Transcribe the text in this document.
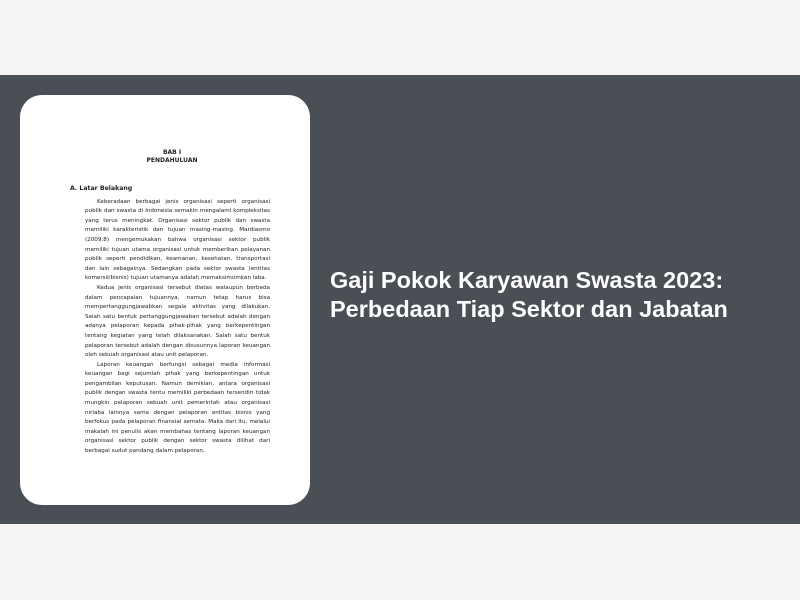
BAB I

PENDAHULUAN

A. Latar Belakang

Keberadaan berbagai jenis organisasi seperti organisasi publik dan swasta di Indonesia semakin mengalami kompleksitas yang terus meningkat. Organisasi sektor publik dan swasta memiliki karakteristik dan tujuan masing-masing. Mardiasmo (2009:8) mengemukakan bahwa organisasi sektor publik memiliki tujuan utama organisasi untuk memberikan pelayanan publik seperti pendidikan, keamanan, kesehatan, transportasi dan lain sebagainya. Sedangkan pada sektor swasta (entitas komersil/bisnis) tujuan utamanya adalah memaksimumkan laba.

Kedua jenis organisasi tersebut diatas walaupun berbeda dalam pencapaian tujuannya, namun tetap harus bisa mempertanggungjawabkan segala aktivitas yang dilakukan. Salah satu bentuk pertanggungjawaban tersebut adalah dengan adanya pelaporan kepada pihak-pihak yang berkepentingan tentang kegiatan yang telah dilaksanakan. Salah satu bentuk pelaporan tersebut adalah dengan disusunnya laporan keuangan oleh sebuah organisasi atau unit pelaporan.

Laporan keuangan berfungsi sebagai media informasi keuangan bagi sejumlah pihak yang berkepentingan untuk pengambilan keputusan. Namun demikian, antara organisasi publik dengan swasta tentu memiliki perbedaan tersendiri tidak mungkin pelaporan sebuah unit pemerintah atau organisasi nirlaba lainnya sama dengan pelaporan entitas bisnis yang berfokus pada pelaporan finansial semata. Maka dari itu, melalui makalah ini penulis akan membahas tentang laporan keuangan organisasi sektor publik dengan sektor swasta dilihat dari berbagai sudut pandang dalam pelaporan.

Gaji Pokok Karyawan Swasta 2023: Perbedaan Tiap Sektor dan Jabatan
